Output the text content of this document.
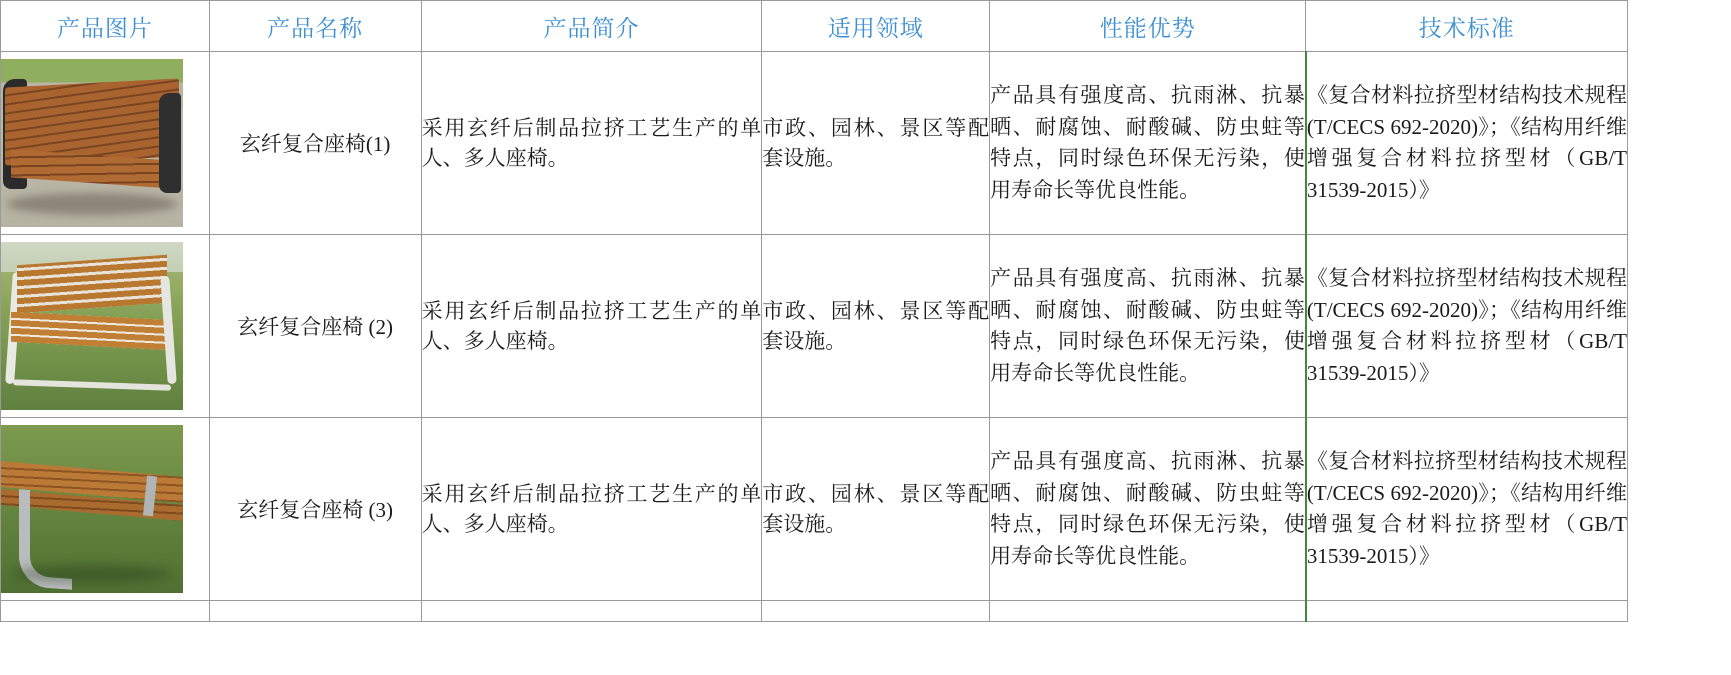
产品图片	产品名称	产品简介	适用领域	性能优势	技术标准

	玄纤复合座椅(1)	采用玄纤后制品拉挤工艺生产的单人、多人座椅。	市政、园林、景区等配套设施。	产品具有强度高、抗雨淋、抗暴晒、耐腐蚀、耐酸碱、防虫蛀等特点，同时绿色环保无污染，使用寿命长等优良性能。	《复合材料拉挤型材结构技术规程(T/CECS 692-2020)》；《结构用纤维增强复合材料拉挤型材（GB/T 31539-2015）》

	玄纤复合座椅 (2)	采用玄纤后制品拉挤工艺生产的单人、多人座椅。	市政、园林、景区等配套设施。	产品具有强度高、抗雨淋、抗暴晒、耐腐蚀、耐酸碱、防虫蛀等特点，同时绿色环保无污染，使用寿命长等优良性能。	《复合材料拉挤型材结构技术规程(T/CECS 692-2020)》；《结构用纤维增强复合材料拉挤型材（GB/T 31539-2015）》

	玄纤复合座椅 (3)	采用玄纤后制品拉挤工艺生产的单人、多人座椅。	市政、园林、景区等配套设施。	产品具有强度高、抗雨淋、抗暴晒、耐腐蚀、耐酸碱、防虫蛀等特点，同时绿色环保无污染，使用寿命长等优良性能。	《复合材料拉挤型材结构技术规程(T/CECS 692-2020)》；《结构用纤维增强复合材料拉挤型材（GB/T 31539-2015）》
